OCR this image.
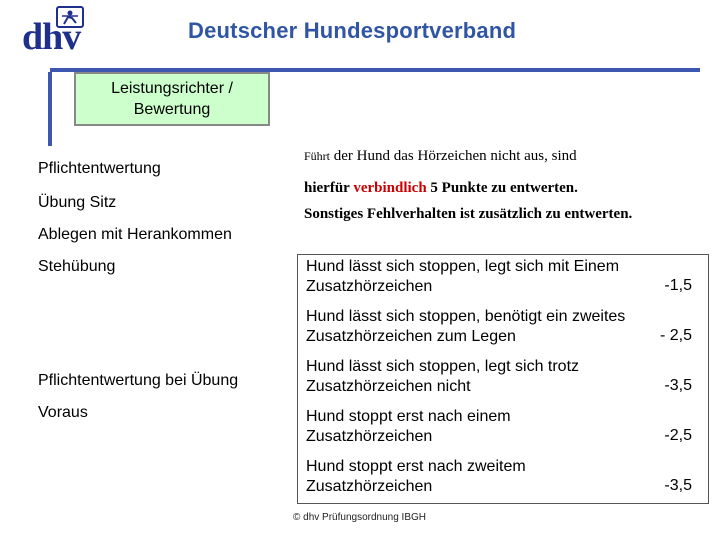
dhv	Deutscher Hundesportverband
Leistungsrichter /
Bewertung
Pflichtentwertung
Übung Sitz
Ablegen mit Herankommen
Stehübung
Pflichtentwertung bei Übung
Voraus
Führt der Hund das Hörzeichen nicht aus, sind
hierfür verbindlich 5 Punkte zu entwerten.
Sonstiges Fehlverhalten ist zusätzlich zu entwerten.
Hund lässt sich stoppen, legt sich mit Einem Zusatzhörzeichen	-1,5
Hund lässt sich stoppen, benötigt ein zweites Zusatzhörzeichen zum Legen	- 2,5
Hund lässt sich stoppen, legt sich trotz Zusatzhörzeichen nicht	-3,5
Hund stoppt erst nach einem Zusatzhörzeichen	-2,5
Hund stoppt erst nach zweitem Zusatzhörzeichen	-3,5
© dhv Prüfungsordnung IBGH
